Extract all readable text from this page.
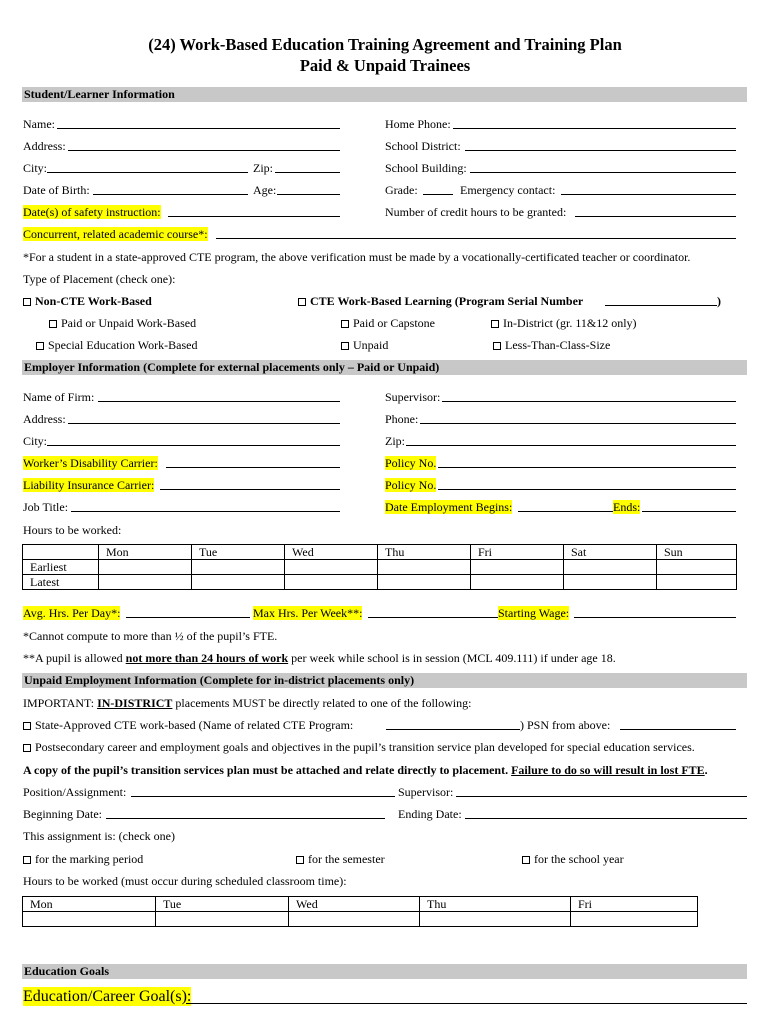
(24) Work-Based Education Training Agreement and Training Plan
Paid & Unpaid Trainees
Student/Learner Information
Name:	Home Phone:
Address:	School District:
City:	Zip:	School Building:
Date of Birth:	Age:	Grade:	Emergency contact:
Date(s) of safety instruction:	Number of credit hours to be granted:
Concurrent, related academic course*:
*For a student in a state-approved CTE program, the above verification must be made by a vocationally-certificated teacher or coordinator.
Type of Placement (check one):
Non-CTE Work-Based	CTE Work-Based Learning (Program Serial Number	)
Paid or Unpaid Work-Based	Paid or Capstone	In-District (gr. 11&12 only)
Special Education Work-Based	Unpaid	Less-Than-Class-Size
Employer Information (Complete for external placements only – Paid or Unpaid)
Name of Firm:	Supervisor:
Address:	Phone:
City:	Zip:
Worker’s Disability Carrier:	Policy No.
Liability Insurance Carrier:	Policy No.
Job Title:	Date Employment Begins:	Ends:
Hours to be worked:
	Mon	Tue	Wed	Thu	Fri	Sat	Sun
Earliest							
Latest							
Avg. Hrs. Per Day*:	Max Hrs. Per Week**:	Starting Wage:
*Cannot compute to more than ½ of the pupil’s FTE.
**A pupil is allowed not more than 24 hours of work per week while school is in session (MCL 409.111) if under age 18.
Unpaid Employment Information (Complete for in-district placements only)
IMPORTANT: IN-DISTRICT placements MUST be directly related to one of the following:
State-Approved CTE work-based (Name of related CTE Program:	) PSN from above:
Postsecondary career and employment goals and objectives in the pupil’s transition service plan developed for special education services.
A copy of the pupil’s transition services plan must be attached and relate directly to placement. Failure to do so will result in lost FTE.
Position/Assignment:	Supervisor:
Beginning Date:	Ending Date:
This assignment is: (check one)
for the marking period	for the semester	for the school year
Hours to be worked (must occur during scheduled classroom time):
Mon	Tue	Wed	Thu	Fri

Education Goals
Education/Career Goal(s):
